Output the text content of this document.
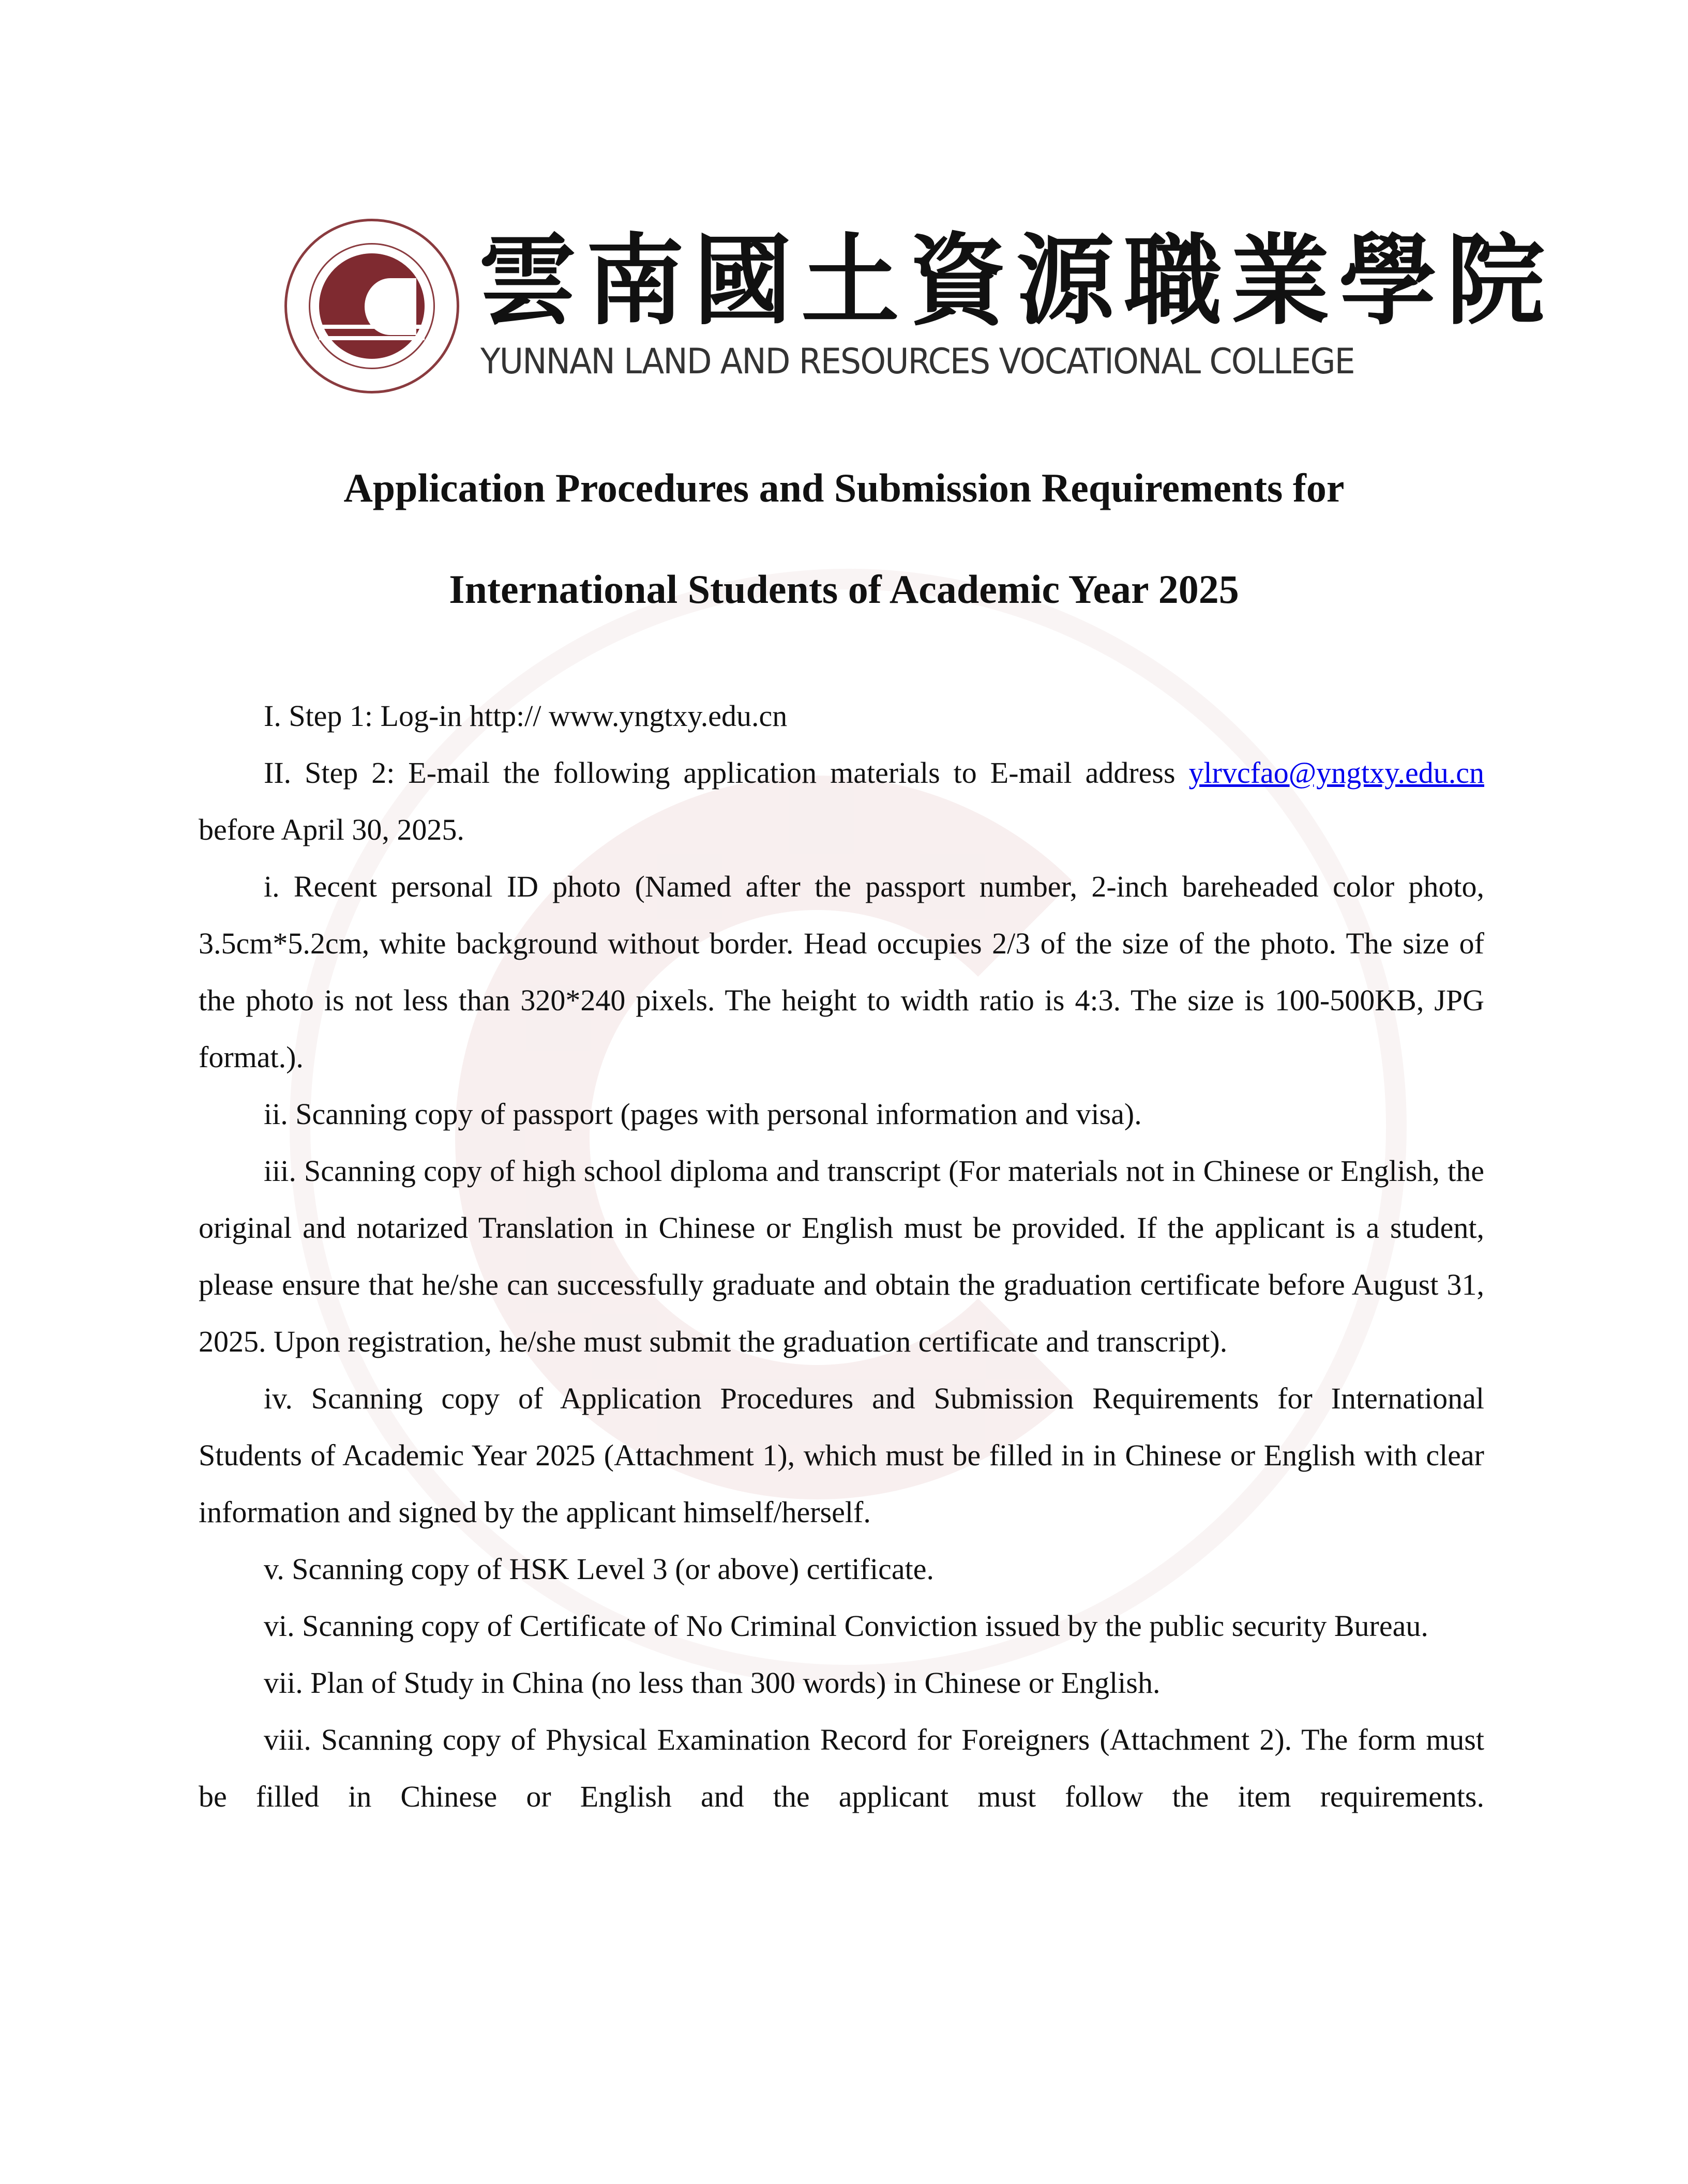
雲南國土資源職業學院
YUNNAN LAND AND RESOURCES VOCATIONAL COLLEGE
Application Procedures and Submission Requirements for
International Students of Academic Year 2025

I. Step 1: Log-in http:// www.yngtxy.edu.cn

II. Step 2: E-mail the following application materials to E-mail address ylrvcfao@yngtxy.edu.cn before April 30, 2025.

i. Recent personal ID photo (Named after the passport number, 2-inch bareheaded color photo, 3.5cm*5.2cm, white background without border. Head occupies 2/3 of the size of the photo. The size of the photo is not less than 320*240 pixels. The height to width ratio is 4:3. The size is 100-500KB, JPG format.).

ii. Scanning copy of passport (pages with personal information and visa).

iii. Scanning copy of high school diploma and transcript (For materials not in Chinese or English, the original and notarized Translation in Chinese or English must be provided. If the applicant is a student, please ensure that he/she can successfully graduate and obtain the graduation certificate before August 31, 2025. Upon registration, he/she must submit the graduation certificate and transcript).

iv. Scanning copy of Application Procedures and Submission Requirements for International Students of Academic Year 2025 (Attachment 1), which must be filled in in Chinese or English with clear information and signed by the applicant himself/herself.

v. Scanning copy of HSK Level 3 (or above) certificate.

vi. Scanning copy of Certificate of No Criminal Conviction issued by the public security Bureau.

vii. Plan of Study in China (no less than 300 words) in Chinese or English.

viii. Scanning copy of Physical Examination Record for Foreigners (Attachment 2). The form must be filled in Chinese or English and the applicant must follow the item requirements.
